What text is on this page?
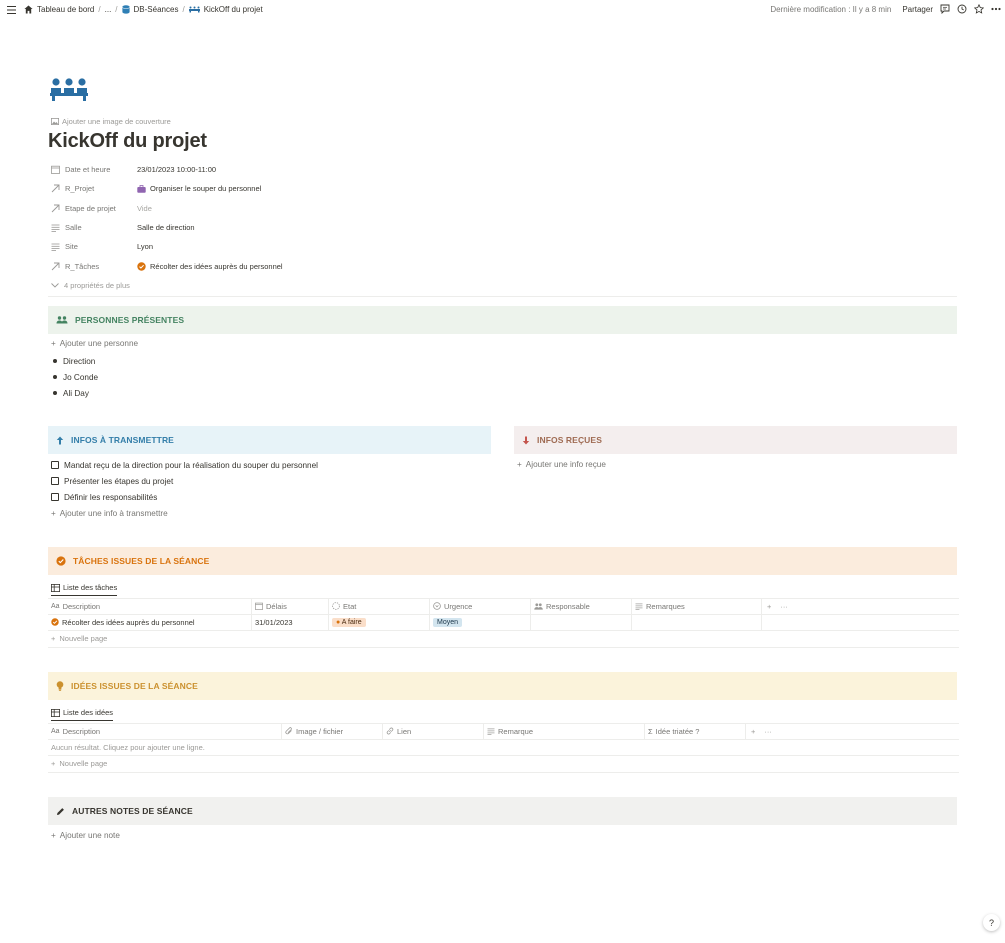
Tableau de bord / ... / DB-Séances / KickOff du projet	Dernière modification : Il y a 8 min Partager
Ajouter une image de couverture
KickOff du projet
Date et heure	23/01/2023 10:00-11:00
R_Projet	Organiser le souper du personnel
Etape de projet	Vide
Salle	Salle de direction
Site	Lyon
R_Tâches	Récolter des idées auprès du personnel
4 propriétés de plus
PERSONNES PRÉSENTES
+ Ajouter une personne
Direction
Jo Conde
Ali Day
INFOS À TRANSMETTRE
Mandat reçu de la direction pour la réalisation du souper du personnel
Présenter les étapes du projet
Définir les responsabilités
+ Ajouter une info à transmettre
INFOS REÇUES
+ Ajouter une info reçue
TÂCHES ISSUES DE LA SÉANCE
Liste des tâches
Aa Description	Délais	Etat	Urgence	Responsable	Remarques	+ ···
Récolter des idées auprès du personnel	31/01/2023	● A faire	Moyen
+ Nouvelle page
IDÉES ISSUES DE LA SÉANCE
Liste des idées
Aa Description	Image / fichier	Lien	Remarque	Σ Idée triatée ?	+ ···
Aucun résultat. Cliquez pour ajouter une ligne.
+ Nouvelle page
AUTRES NOTES DE SÉANCE
+ Ajouter une note
?
